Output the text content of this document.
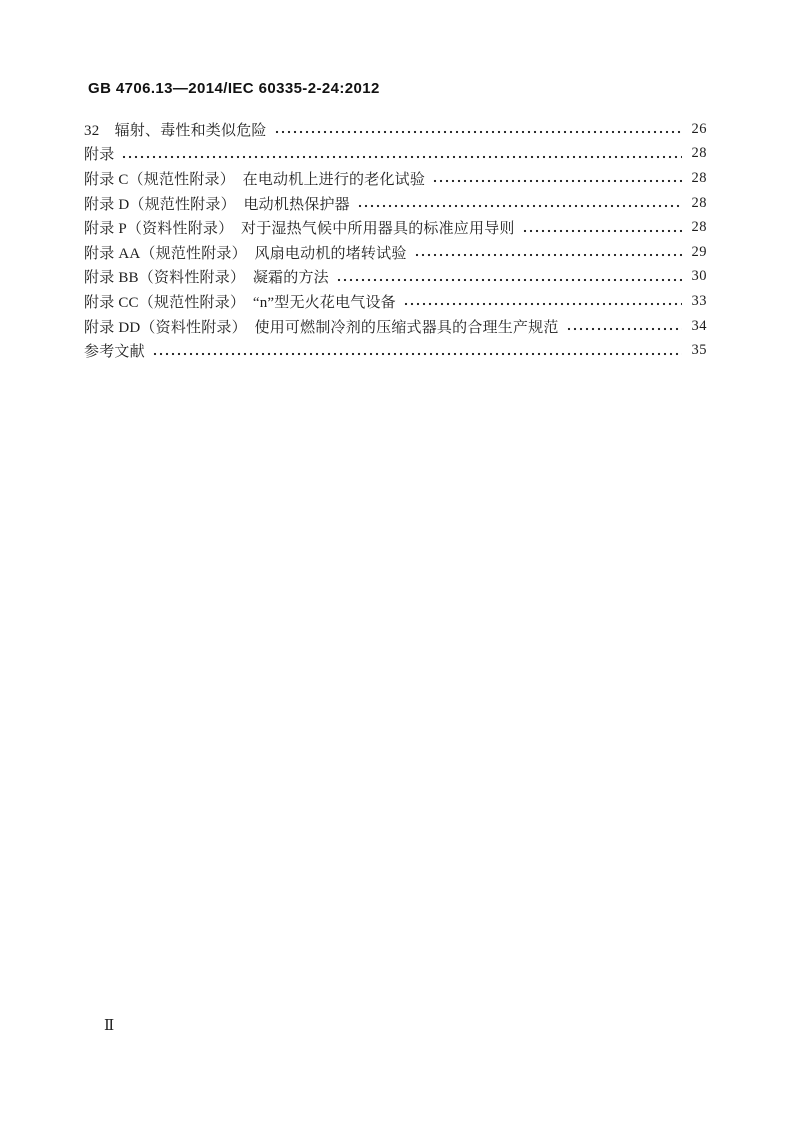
GB 4706.13—2014/IEC 60335-2-24:2012
32　辐射、毒性和类似危险	26
附录	28
附录 C（规范性附录）　在电动机上进行的老化试验	28
附录 D（规范性附录）　电动机热保护器	28
附录 P（资料性附录）　对于湿热气候中所用器具的标准应用导则	28
附录 AA（规范性附录）　风扇电动机的堵转试验	29
附录 BB（资料性附录）　凝霜的方法	30
附录 CC（规范性附录）　“n”型无火花电气设备	33
附录 DD（资料性附录）　使用可燃制冷剂的压缩式器具的合理生产规范	34
参考文献	35
Ⅱ
